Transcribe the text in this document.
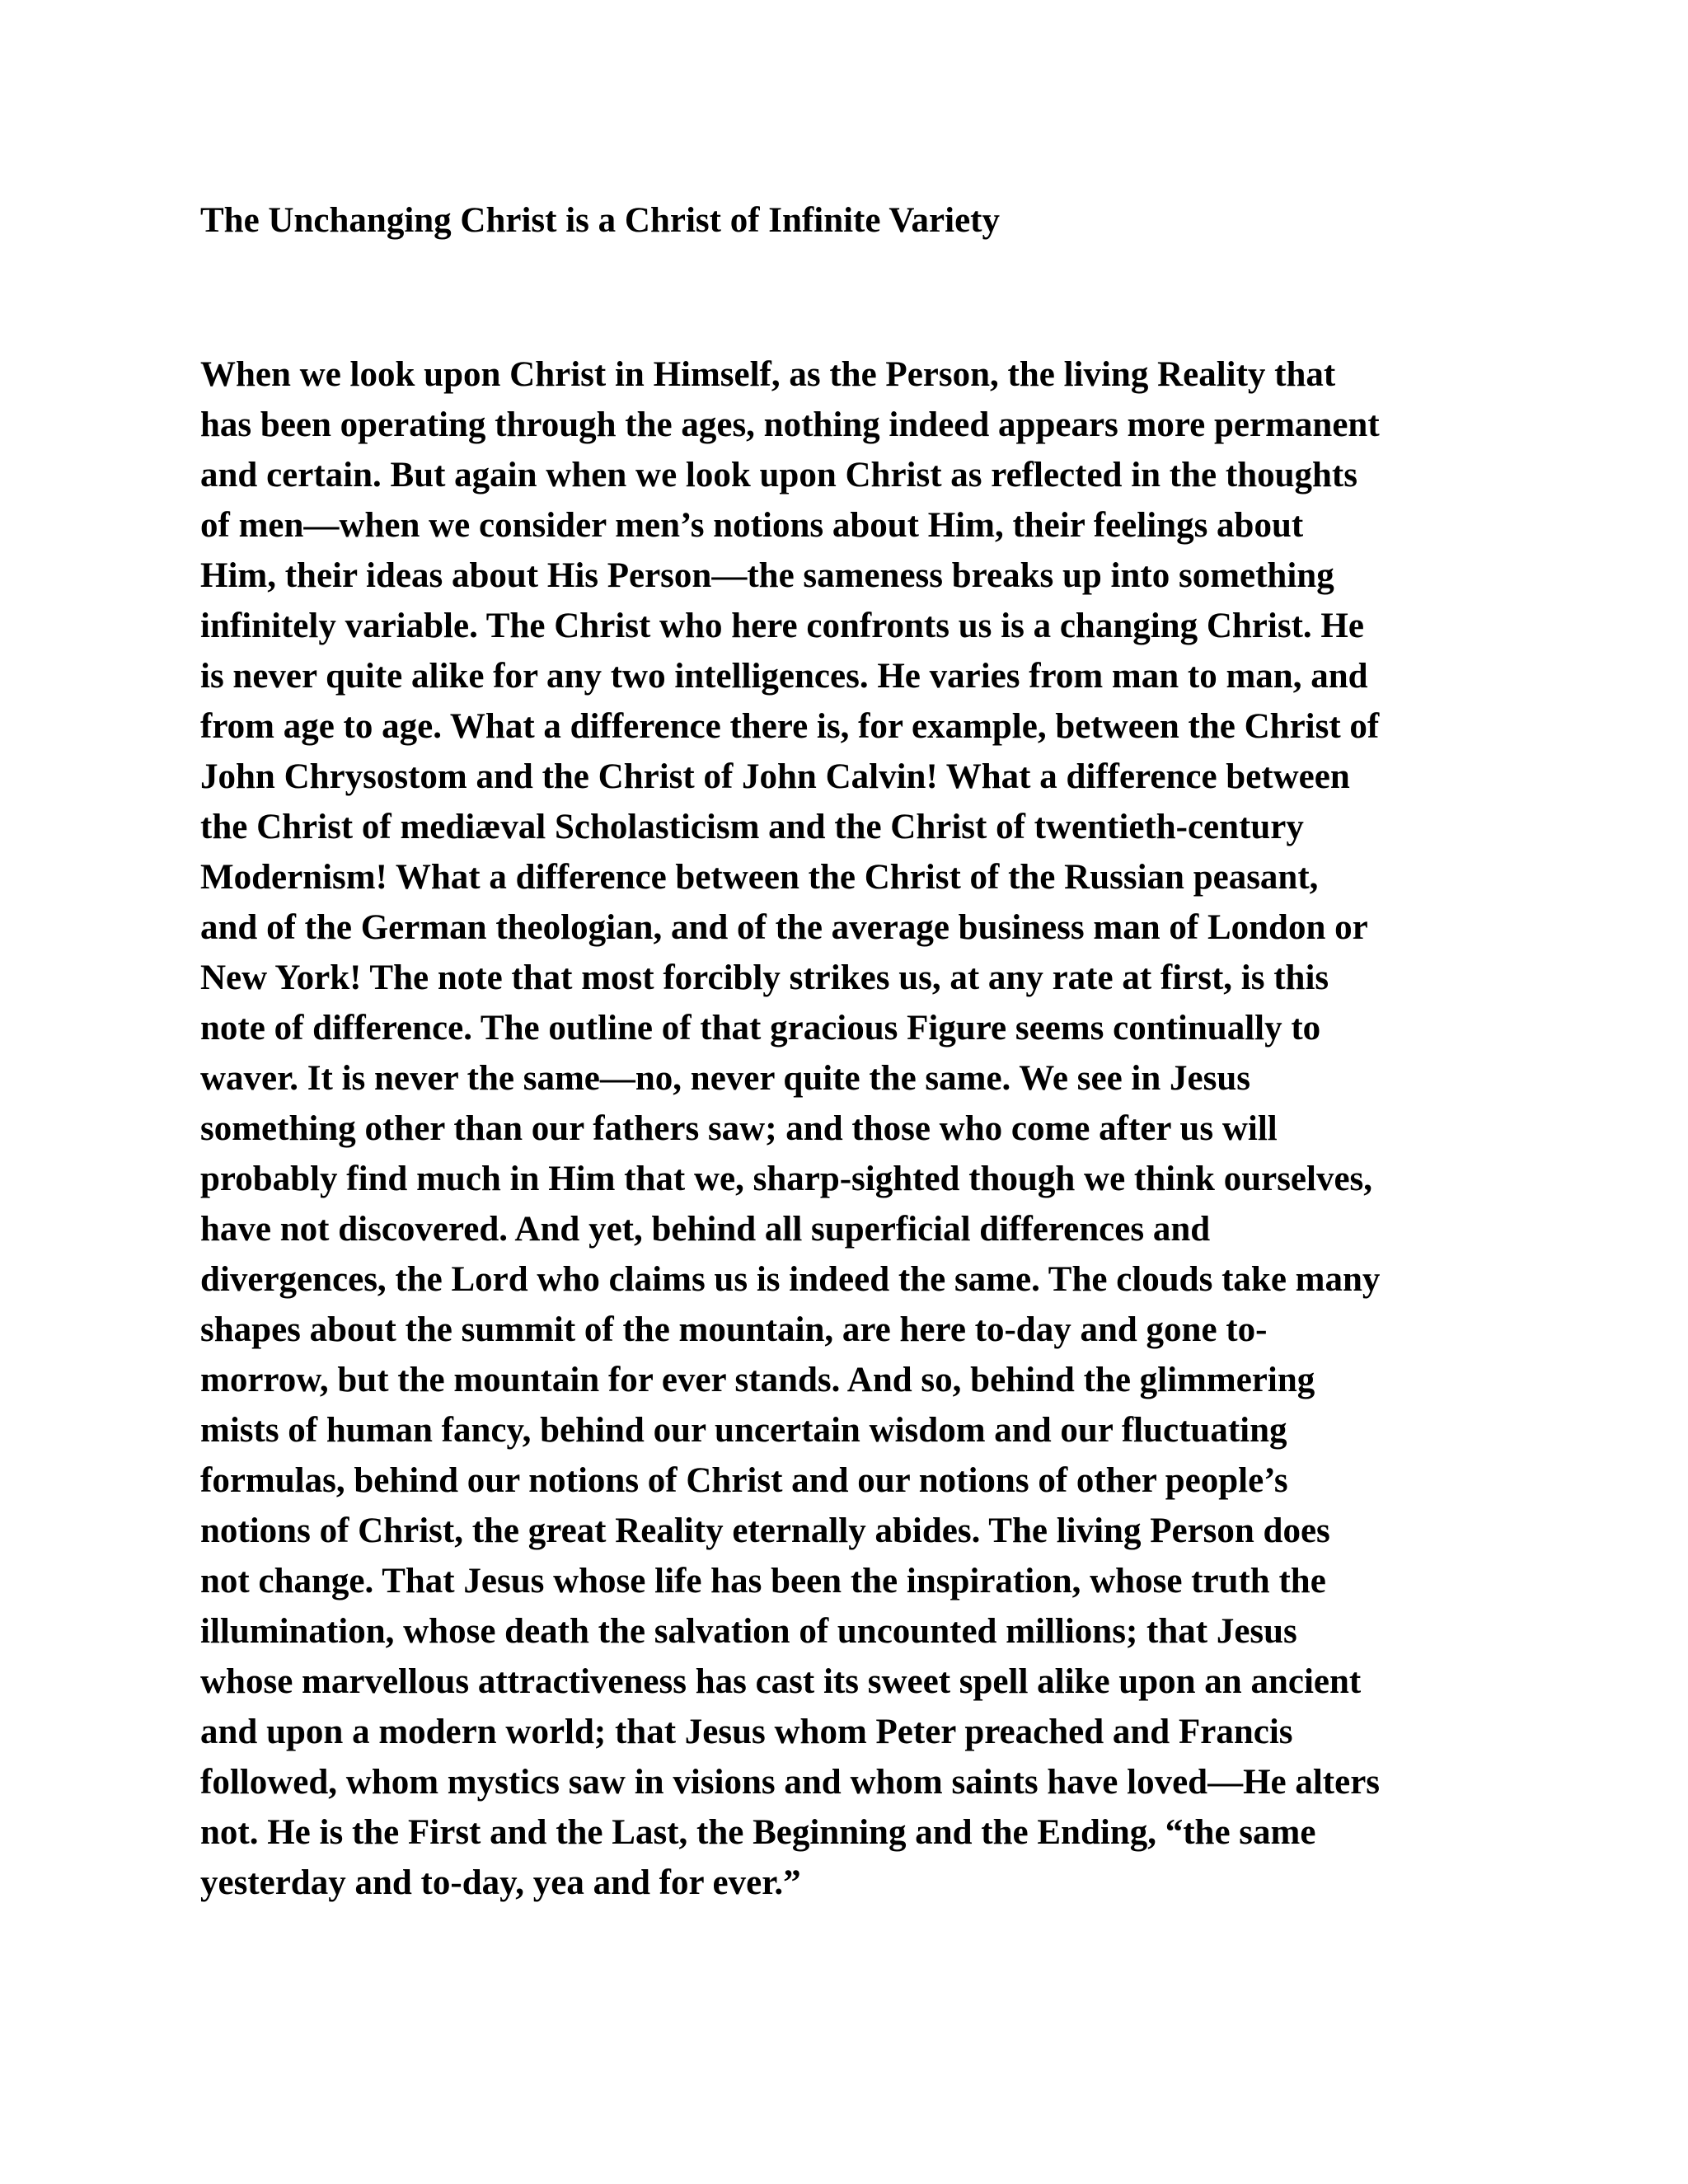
The Unchanging Christ is a Christ of Infinite Variety

When we look upon Christ in Himself, as the Person, the living Reality that
has been operating through the ages, nothing indeed appears more permanent
and certain. But again when we look upon Christ as reflected in the thoughts
of men—when we consider men’s notions about Him, their feelings about
Him, their ideas about His Person—the sameness breaks up into something
infinitely variable. The Christ who here confronts us is a changing Christ. He
is never quite alike for any two intelligences. He varies from man to man, and
from age to age. What a difference there is, for example, between the Christ of
John Chrysostom and the Christ of John Calvin! What a difference between
the Christ of mediæval Scholasticism and the Christ of twentieth-century
Modernism! What a difference between the Christ of the Russian peasant,
and of the German theologian, and of the average business man of London or
New York! The note that most forcibly strikes us, at any rate at first, is this
note of difference. The outline of that gracious Figure seems continually to
waver. It is never the same—no, never quite the same. We see in Jesus
something other than our fathers saw; and those who come after us will
probably find much in Him that we, sharp-sighted though we think ourselves,
have not discovered. And yet, behind all superficial differences and
divergences, the Lord who claims us is indeed the same. The clouds take many
shapes about the summit of the mountain, are here to-day and gone to-
morrow, but the mountain for ever stands. And so, behind the glimmering
mists of human fancy, behind our uncertain wisdom and our fluctuating
formulas, behind our notions of Christ and our notions of other people’s
notions of Christ, the great Reality eternally abides. The living Person does
not change. That Jesus whose life has been the inspiration, whose truth the
illumination, whose death the salvation of uncounted millions; that Jesus
whose marvellous attractiveness has cast its sweet spell alike upon an ancient
and upon a modern world; that Jesus whom Peter preached and Francis
followed, whom mystics saw in visions and whom saints have loved—He alters
not. He is the First and the Last, the Beginning and the Ending, “the same
yesterday and to-day, yea and for ever.”
